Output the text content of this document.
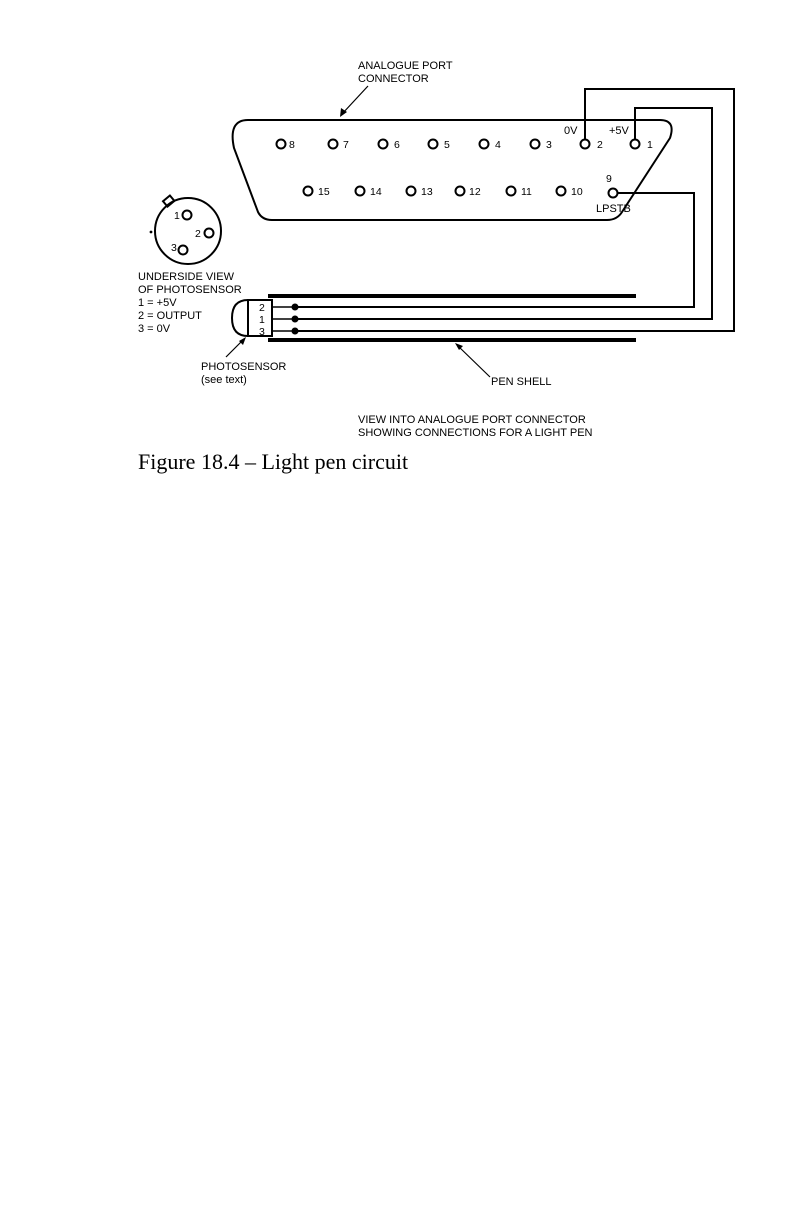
8	7	6	5	4	3	2	1
15	14	13	12	11	10
9
ANALOGUE PORT
CONNECTOR
0V	+5V
LPSTB
2
1
3
1
2
3
UNDERSIDE VIEW
OF PHOTOSENSOR
1 = +5V
2 = OUTPUT
3 = 0V
PHOTOSENSOR
(see text)	PEN SHELL
VIEW INTO ANALOGUE PORT CONNECTOR
SHOWING CONNECTIONS FOR A LIGHT PEN
Figure 18.4 – Light pen circuit
